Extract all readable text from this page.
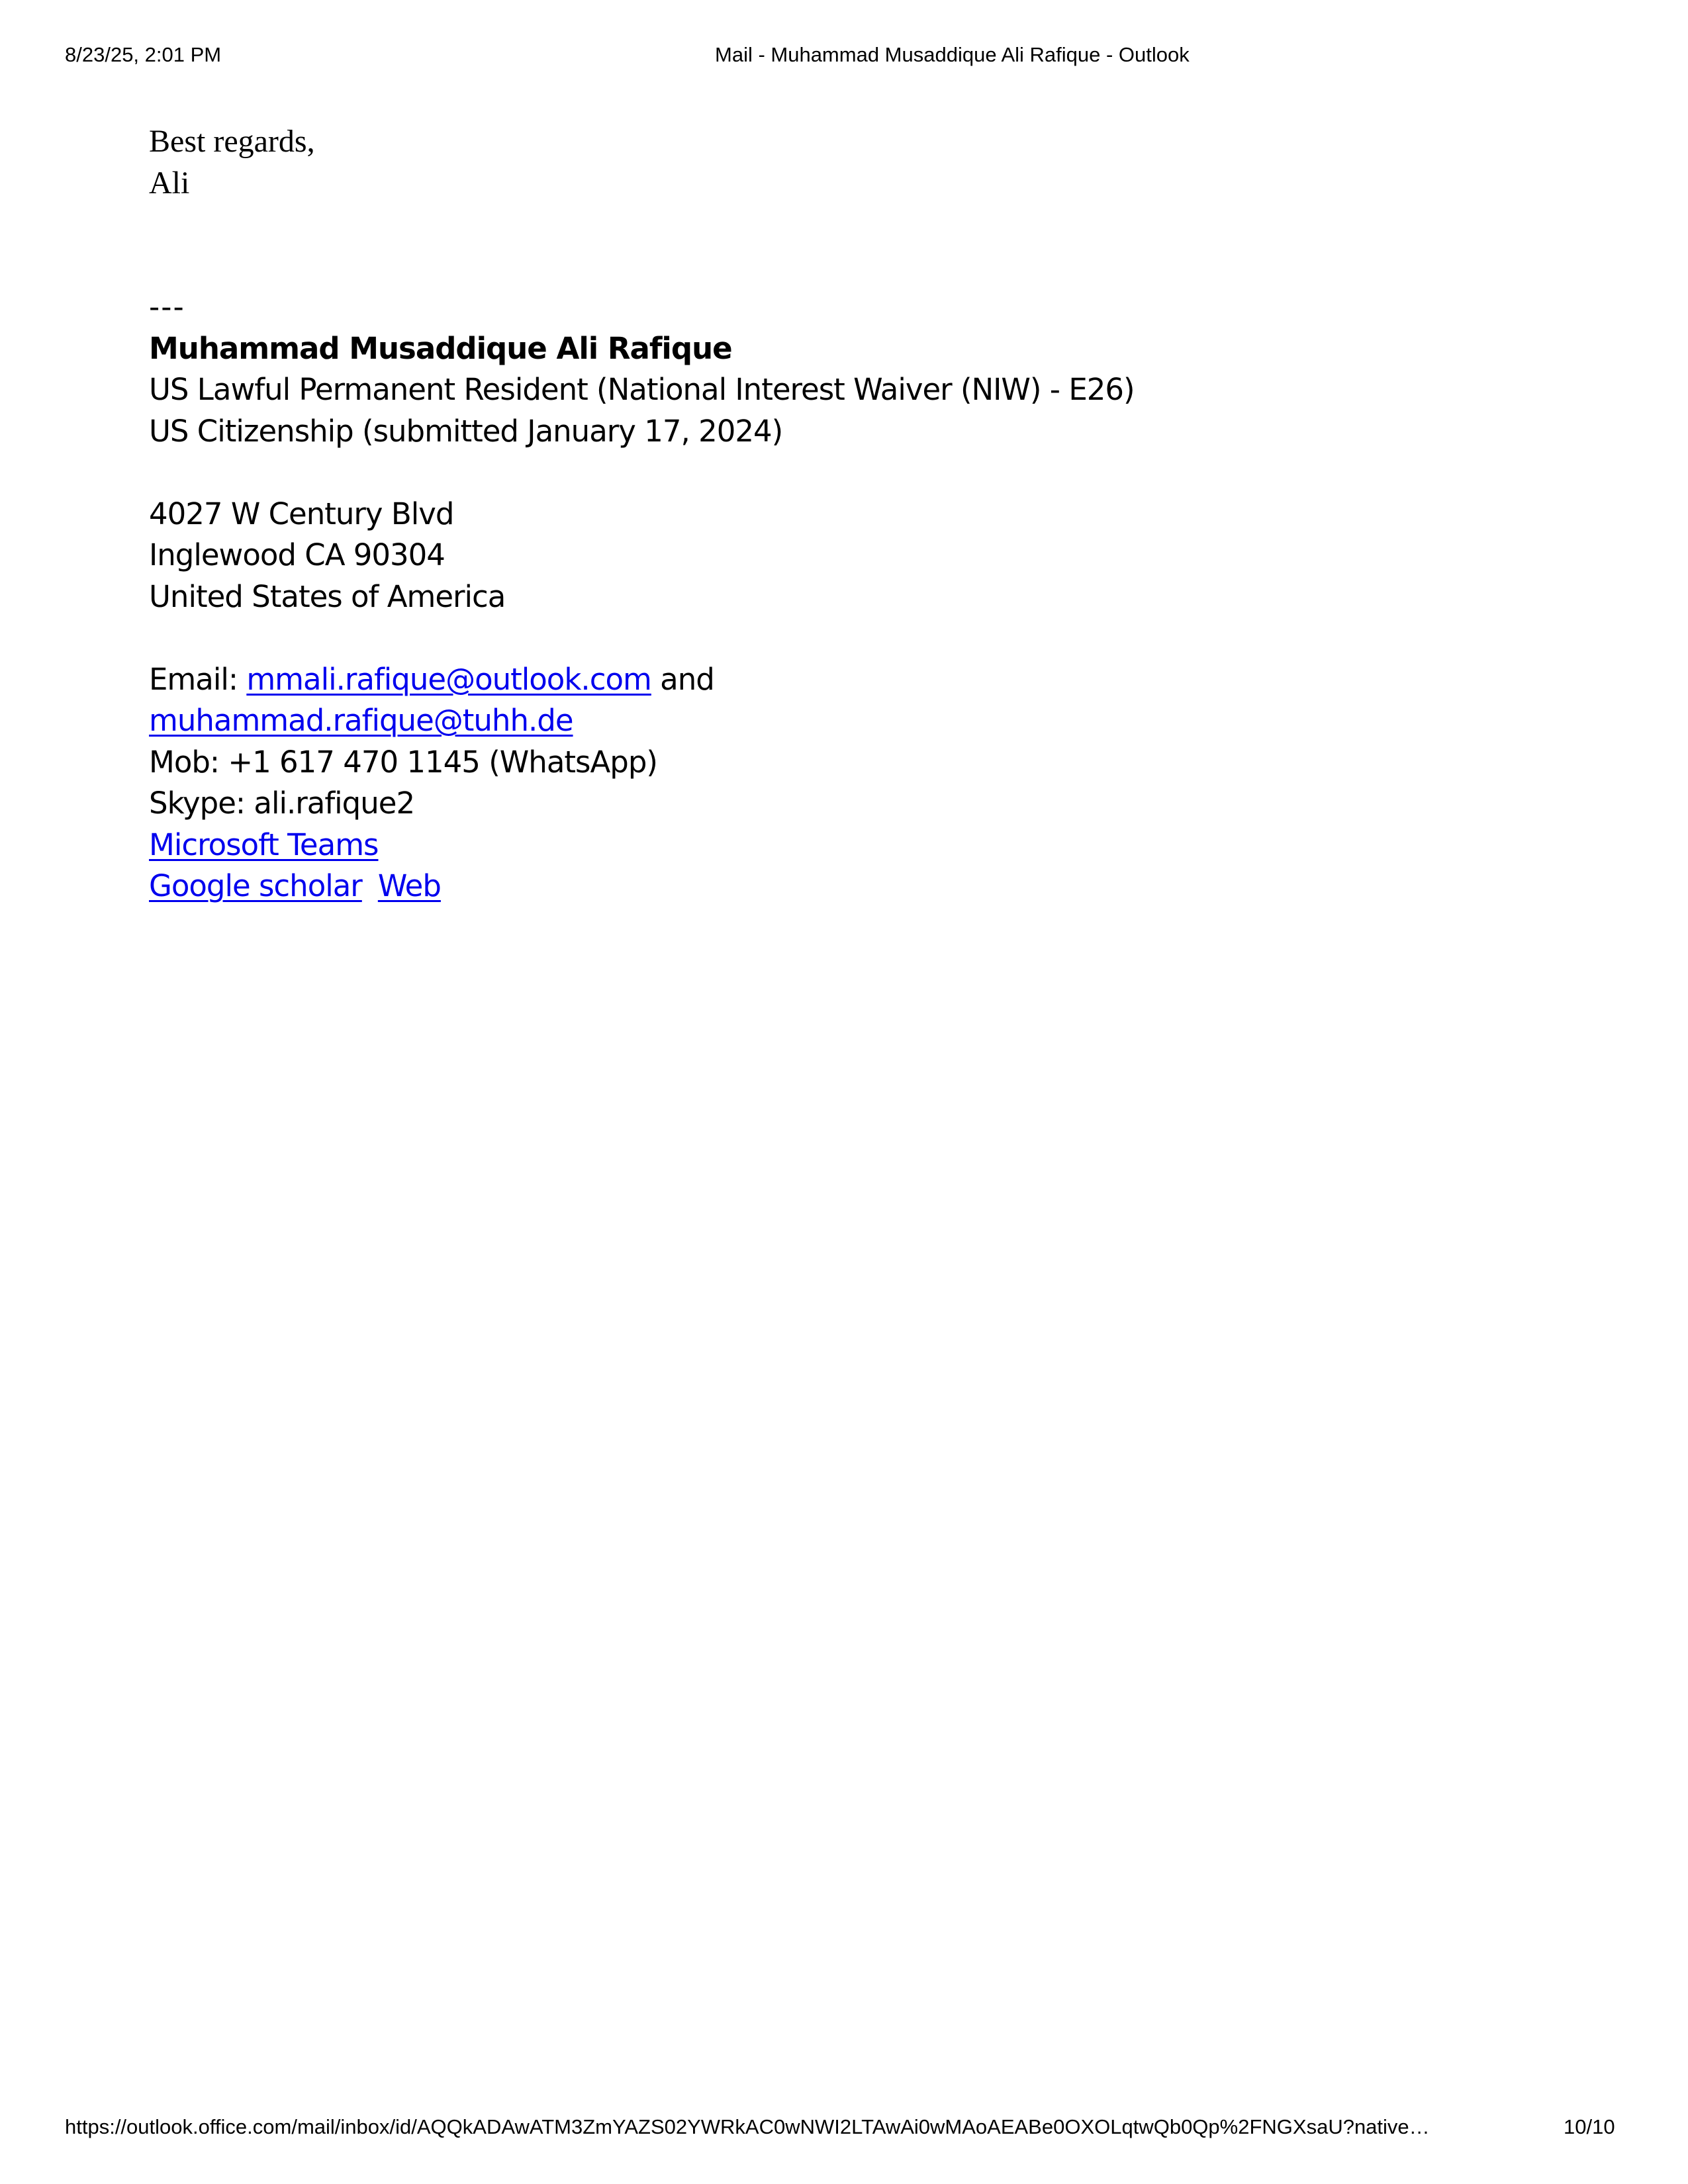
8/23/25, 2:01 PM	Mail - Muhammad Musaddique Ali Rafique - Outlook
Best regards,
Ali
---
Muhammad Musaddique Ali Rafique
US Lawful Permanent Resident (National Interest Waiver (NIW) - E26)
US Citizenship (submitted January 17, 2024)
4027 W Century Blvd
Inglewood CA 90304
United States of America
Email: mmali.rafique@outlook.com and
muhammad.rafique@tuhh.de
Mob: +1 617 470 1145 (WhatsApp)
Skype: ali.rafique2
Microsoft Teams
Google scholar Web
https://outlook.office.com/mail/inbox/id/AQQkADAwATM3ZmYAZS02YWRkAC0wNWI2LTAwAi0wMAoAEABe0OXOLqtwQb0Qp%2FNGXsaU?native…	10/10
